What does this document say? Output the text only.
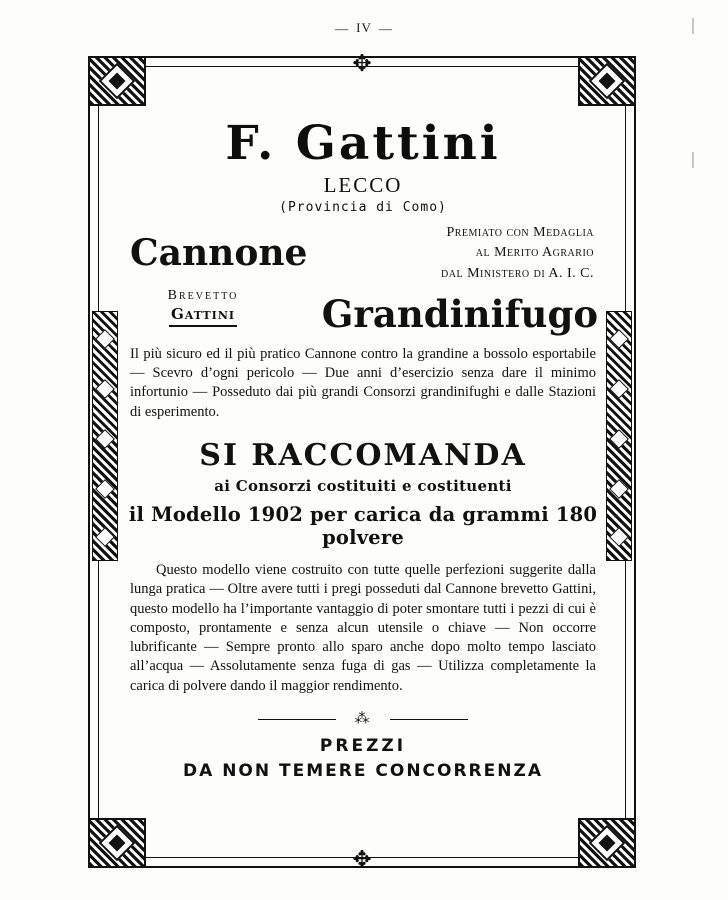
— IV —
✥
✥
F. Gattini
LECCO
(Provincia di Como)
Cannone	Premiato con Medaglia
al Merito Agrario
dal Ministero di A. I. C.
Brevetto
Gattini	Grandinifugo
Il più sicuro ed il più pratico Cannone contro la grandine a bossolo esportabile — Scevro d’ogni pericolo — Due anni d’esercizio senza dare il minimo infortunio — Posseduto dai più grandi Consorzi grandinifughi e dalle Stazioni di esperimento.
SI RACCOMANDA
ai Consorzi costituiti e costituenti
il Modello 1902 per carica da grammi 180 polvere
Questo modello viene costruito con tutte quelle perfezioni suggerite dalla lunga pratica — Oltre avere tutti i pregi posseduti dal Cannone brevetto Gattini, questo modello ha l’importante vantaggio di poter smontare tutti i pezzi di cui è composto, prontamente e senza alcun utensile o chiave — Non occorre lubrificante — Sempre pronto allo sparo anche dopo molto tempo lasciato all’acqua — Assolutamente senza fuga di gas — Utilizza completamente la carica di polvere dando il maggior rendimento.
⁂
PREZZI
DA NON TEMERE CONCORRENZA
